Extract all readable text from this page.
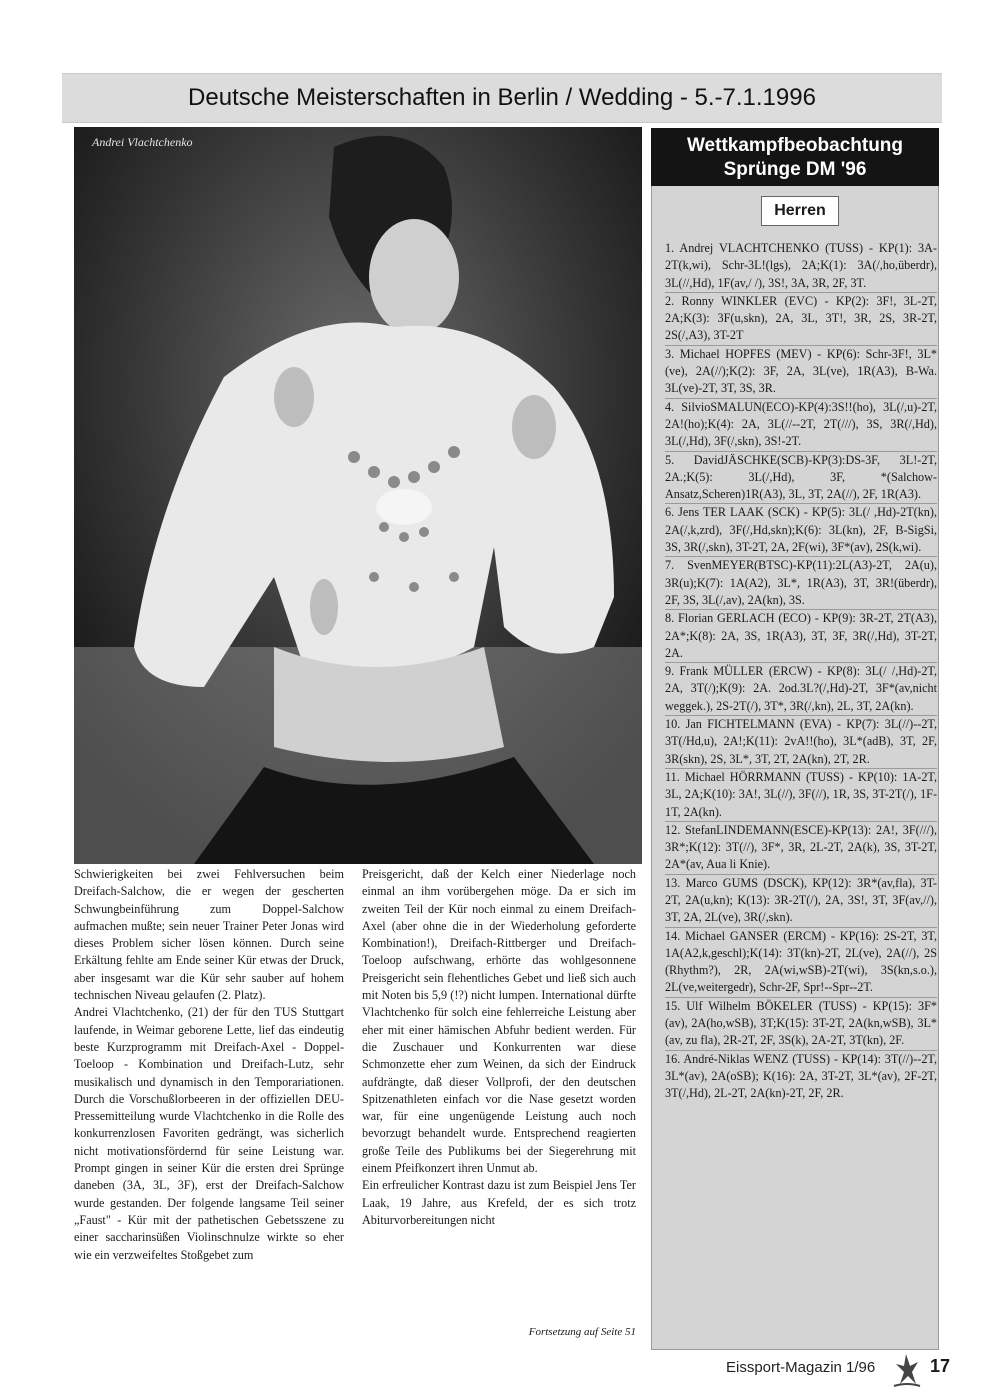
Deutsche Meisterschaften in Berlin / Wedding - 5.-7.1.1996
Andrei Vlachtchenko	Wettkampfbeobachtung
Sprünge DM '96
Herren

1. Andrej VLACHTCHENKO (TUSS) - KP(1): 3A-2T(k,wi), Schr-3L!(lgs), 2A;K(1): 3A(/,ho,überdr), 3L(//,Hd), 1F(av,/ /), 3S!, 3A, 3R, 2F, 3T.

2. Ronny WINKLER (EVC) - KP(2): 3F!, 3L-2T, 2A;K(3): 3F(u,skn), 2A, 3L, 3T!, 3R, 2S, 3R-2T, 2S(/,A3), 3T-2T

3. Michael HOPFES (MEV) - KP(6): Schr-3F!, 3L*(ve), 2A(//);K(2): 3F, 2A, 3L(ve), 1R(A3), B-Wa. 3L(ve)-2T, 3T, 3S, 3R.

4. SilvioSMALUN(ECO)-KP(4):3S!!(ho), 3L(/,u)-2T, 2A!(ho);K(4): 2A, 3L(//--2T, 2T(///), 3S, 3R(/,Hd), 3L(/,Hd), 3F(/,skn), 3S!-2T.

5. DavidJÄSCHKE(SCB)-KP(3):DS-3F, 3L!-2T, 2A.;K(5): 3L(/,Hd), 3F, *(Salchow-Ansatz,Scheren)1R(A3), 3L, 3T, 2A(//), 2F, 1R(A3).

6. Jens TER LAAK (SCK) - KP(5): 3L(/ ,Hd)-2T(kn), 2A(/,k,zrd), 3F(/,Hd,skn);K(6): 3L(kn), 2F, B-SigSi, 3S, 3R(/,skn), 3T-2T, 2A, 2F(wi), 3F*(av), 2S(k,wi).

7. SvenMEYER(BTSC)-KP(11):2L(A3)-2T, 2A(u), 3R(u);K(7): 1A(A2), 3L*, 1R(A3), 3T, 3R!(überdr), 2F, 3S, 3L(/,av), 2A(kn), 3S.

8. Florian GERLACH (ECO) - KP(9): 3R-2T, 2T(A3), 2A*;K(8): 2A, 3S, 1R(A3), 3T, 3F, 3R(/,Hd), 3T-2T, 2A.

9. Frank MÜLLER (ERCW) - KP(8): 3L(/ /,Hd)-2T, 2A, 3T(/);K(9): 2A. 2od.3L?(/,Hd)-2T, 3F*(av,nicht weggek.), 2S-2T(/), 3T*, 3R(/,kn), 2L, 3T, 2A(kn).

10. Jan FICHTELMANN (EVA) - KP(7): 3L(//)--2T, 3T(/Hd,u), 2A!;K(11): 2vA!!(ho), 3L*(adB), 3T, 2F, 3R(skn), 2S, 3L*, 3T, 2T, 2A(kn), 2T, 2R.

11. Michael HÖRRMANN (TUSS) - KP(10): 1A-2T, 3L, 2A;K(10): 3A!, 3L(//), 3F(//), 1R, 3S, 3T-2T(/), 1F-1T, 2A(kn).

12. StefanLINDEMANN(ESCE)-KP(13): 2A!, 3F(///), 3R*;K(12): 3T(//), 3F*, 3R, 2L-2T, 2A(k), 3S, 3T-2T, 2A*(av, Aua li Knie).

13. Marco GUMS (DSCK), KP(12): 3R*(av,fla), 3T-2T, 2A(u,kn); K(13): 3R-2T(/), 2A, 3S!, 3T, 3F(av,//), 3T, 2A, 2L(ve), 3R(/,skn).

14. Michael GANSER (ERCM) - KP(16): 2S-2T, 3T, 1A(A2,k,geschl);K(14): 3T(kn)-2T, 2L(ve), 2A(//), 2S (Rhythm?), 2R, 2A(wi,wSB)-2T(wi), 3S(kn,s.o.), 2L(ve,weitergedr), Schr-2F, Spr!--Spr--2T.

15. Ulf Wilhelm BÖKELER (TUSS) - KP(15): 3F*(av), 2A(ho,wSB), 3T;K(15): 3T-2T, 2A(kn,wSB), 3L*(av, zu fla), 2R-2T, 2F, 3S(k), 2A-2T, 3T(kn), 2F.

16. André-Niklas WENZ (TUSS) - KP(14): 3T(//)--2T, 3L*(av), 2A(oSB); K(16): 2A, 3T-2T, 3L*(av), 2F-2T, 3T(/,Hd), 2L-2T, 2A(kn)-2T, 2F, 2R.

Schwierigkeiten bei zwei Fehlversuchen beim Dreifach-Salchow, die er wegen der gescherten Schwungbeinführung zum Doppel-Salchow aufmachen mußte; sein neuer Trainer Peter Jonas wird dieses Problem sicher lösen können. Durch seine Erkältung fehlte am Ende seiner Kür etwas der Druck, aber insgesamt war die Kür sehr sauber auf hohem technischen Niveau gelaufen (2. Platz).

Andrei Vlachtchenko, (21) der für den TUS Stuttgart laufende, in Weimar geborene Lette, lief das eindeutig beste Kurzprogramm mit Dreifach-Axel - Doppel-Toeloop - Kombination und Dreifach-Lutz, sehr musikalisch und dynamisch in den Temporariationen. Durch die Vorschußlorbeeren in der offiziellen DEU-Pressemitteilung wurde Vlachtchenko in die Rolle des konkurrenzlosen Favoriten gedrängt, was sicherlich nicht motivationsfördernd für seine Leistung war. Prompt gingen in seiner Kür die ersten drei Sprünge daneben (3A, 3L, 3F), erst der Dreifach-Salchow wurde gestanden. Der folgende langsame Teil seiner „Faust" - Kür mit der pathetischen Gebetsszene zu einer saccharinsüßen Violinschnulze wirkte so eher wie ein verzweifeltes Stoßgebet zum

Preisgericht, daß der Kelch einer Niederlage noch einmal an ihm vorübergehen möge. Da er sich im zweiten Teil der Kür noch einmal zu einem Dreifach-Axel (aber ohne die in der Wiederholung geforderte Kombination!), Dreifach-Rittberger und Dreifach-Toeloop aufschwang, erhörte das wohlgesonnene Preisgericht sein flehentliches Gebet und ließ sich auch mit Noten bis 5,9 (!?) nicht lumpen. International dürfte Vlachtchenko für solch eine fehlerreiche Leistung aber eher mit einer hämischen Abfuhr bedient werden. Für die Zuschauer und Konkurrenten war diese Schmonzette eher zum Weinen, da sich der Eindruck aufdrängte, daß dieser Vollprofi, der den deutschen Spitzenathleten einfach vor die Nase gesetzt worden war, für eine ungenügende Leistung auch noch bevorzugt behandelt wurde. Entsprechend reagierten große Teile des Publikums bei der Siegerehrung mit einem Pfeifkonzert ihren Unmut ab.

Ein erfreulicher Kontrast dazu ist zum Beispiel Jens Ter Laak, 19 Jahre, aus Krefeld, der es sich trotz Abiturvorbereitungen nicht

Fortsetzung auf Seite 51
Eissport-Magazin 1/96	17
